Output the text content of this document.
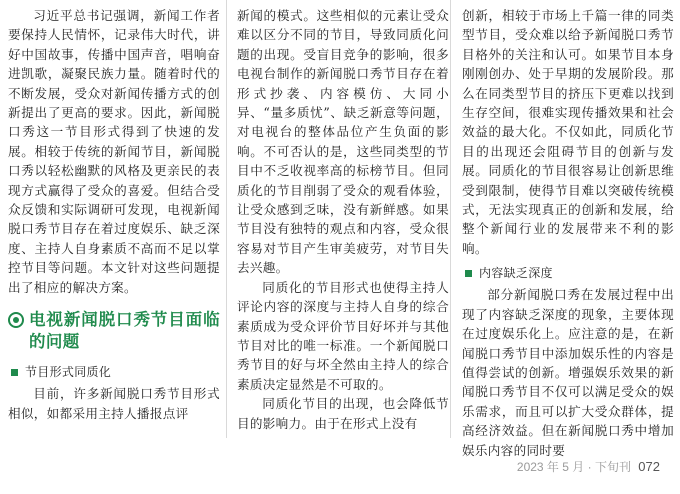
习近平总书记强调，新闻工作者要保持人民情怀，记录伟大时代，讲好中国故事，传播中国声音，唱响奋进凯歌，凝聚民族力量。随着时代的不断发展，受众对新闻传播方式的创新提出了更高的要求。因此，新闻脱口秀这一节目形式得到了快速的发展。相较于传统的新闻节目，新闻脱口秀以轻松幽默的风格及更亲民的表现方式赢得了受众的喜爱。但结合受众反馈和实际调研可发现，电视新闻脱口秀节目存在着过度娱乐、缺乏深度、主持人自身素质不高而不足以掌控节目等问题。本文针对这些问题提出了相应的解决方案。

电视新闻脱口秀节目面临的问题
节目形式同质化

目前，许多新闻脱口秀节目形式相似，如都采用主持人播报点评

新闻的模式。这些相似的元素让受众难以区分不同的节目，导致同质化问题的出现。受盲目竞争的影响，很多电视台制作的新闻脱口秀节目存在着形式抄袭、内容模仿、大同小异、“量多质忧”、缺乏新意等问题，对电视台的整体品位产生负面的影响。不可否认的是，这些同类型的节目中不乏收视率高的标榜节目。但同质化的节目削弱了受众的观看体验，让受众感到乏味，没有新鲜感。如果节目没有独特的观点和内容，受众很容易对节目产生审美疲劳，对节目失去兴趣。

同质化的节目形式也使得主持人评论内容的深度与主持人自身的综合素质成为受众评价节目好坏并与其他节目对比的唯一标准。一个新闻脱口秀节目的好与坏全然由主持人的综合素质决定显然是不可取的。

同质化节目的出现，也会降低节目的影响力。由于在形式上没有

创新，相较于市场上千篇一律的同类型节目，受众难以给予新闻脱口秀节目格外的关注和认可。如果节目本身刚刚创办、处于早期的发展阶段。那么在同类型节目的挤压下更难以找到生存空间，很难实现传播效果和社会效益的最大化。不仅如此，同质化节目的出现还会阻碍节目的创新与发展。同质化的节目很容易让创新思维受到限制，使得节目难以突破传统模式，无法实现真正的创新和发展，给整个新闻行业的发展带来不利的影响。

内容缺乏深度

部分新闻脱口秀在发展过程中出现了内容缺乏深度的现象，主要体现在过度娱乐化上。应注意的是，在新闻脱口秀节目中添加娱乐性的内容是值得尝试的创新。增强娱乐效果的新闻脱口秀节目不仅可以满足受众的娱乐需求，而且可以扩大受众群体，提高经济效益。但在新闻脱口秀中增加娱乐内容的同时要

2023 年 5 月 · 下旬刊 072
